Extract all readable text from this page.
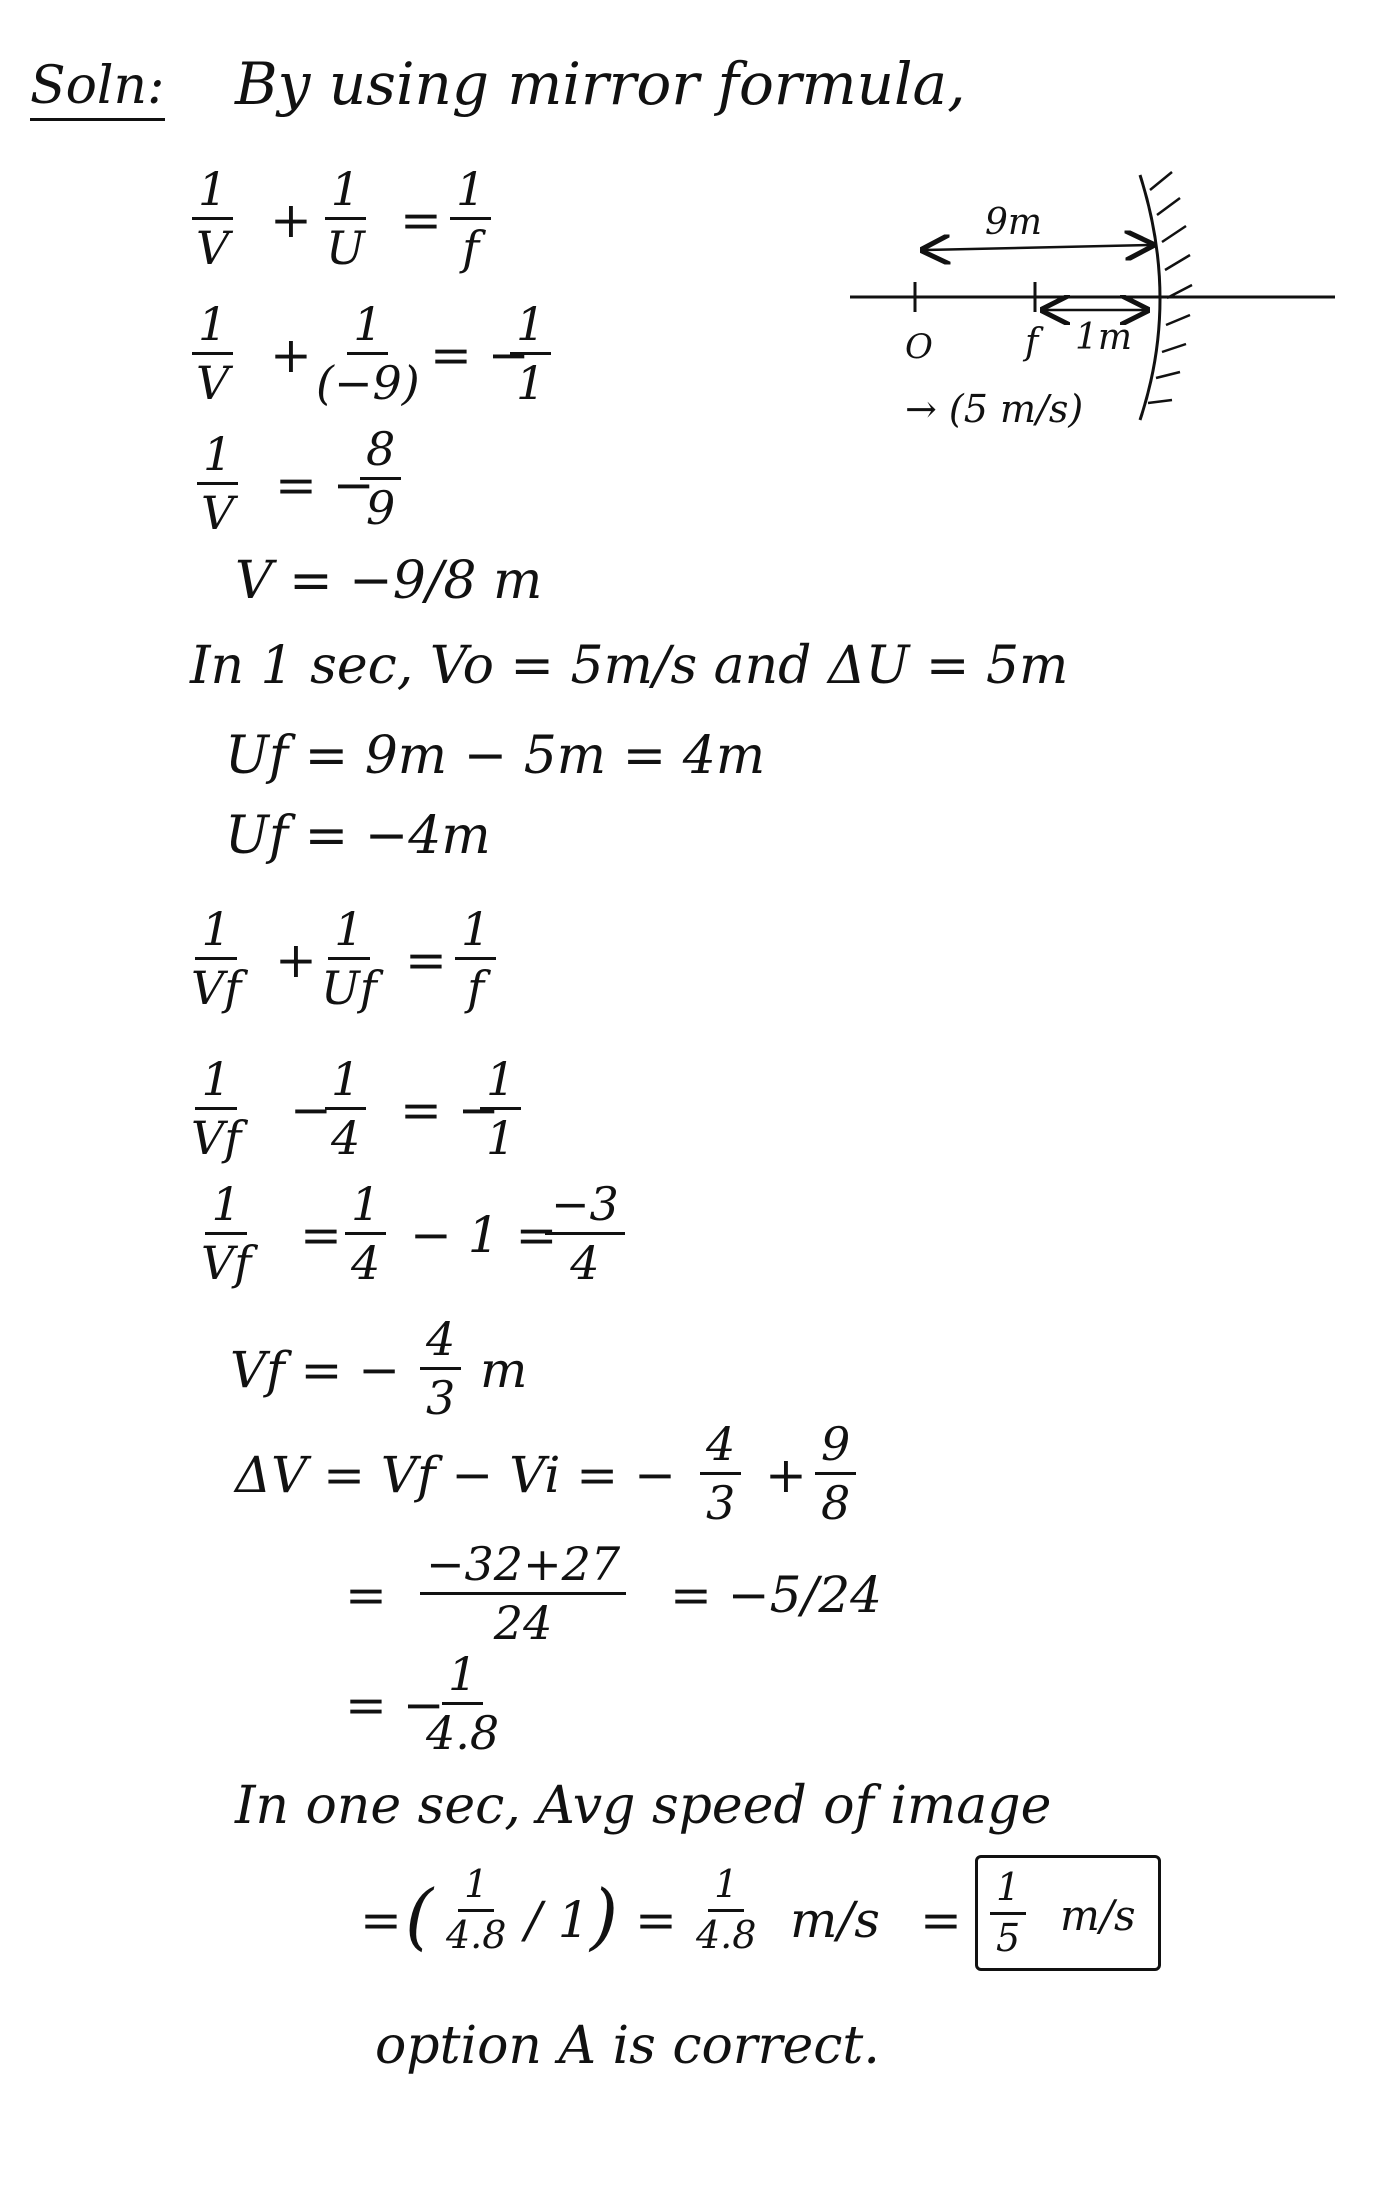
Soln: By using mirror formula,
$\frac{1}{V} + \frac{1}{U} = \frac{1}{f}$
$\frac{1}{V}$ +
$\frac{1}{(-9)}$ = −
$\frac{1}{1}$
$\frac{1}{V}$ = −
$\frac{8}{9}$
V = −9/8 m
In 1 sec, Vo = 5m/s and ΔU = 5m
Uf = 9m − 5m = 4m
Uf = −4m
$\frac{1}{Vf}$ +
$\frac{1}{Uf} = \frac{1}{f}$
$\frac{1}{Vf}$ −
$\frac{1}{4}$ = −
$\frac{1}{1}$
$\frac{1}{Vf} = \frac{1}{4} - 1$ =
$\frac{-3}{4}$
Vf = − $\frac{4}{3}$ m
ΔV = Vf − Vi = − $\frac{4}{3} + \frac{9}{8}$
= $\frac{-32+27}{24} = -5/24$
= −
$\frac{1}{4.8}$
In one sec, Avg speed of image
= ( $\frac{1}{4.8} / 1$ ) = $\frac{1}{4.8} m/s = \frac{1}{5} m/s$
option A is correct.
9m
O	f 1m
→ (5 m/s)
